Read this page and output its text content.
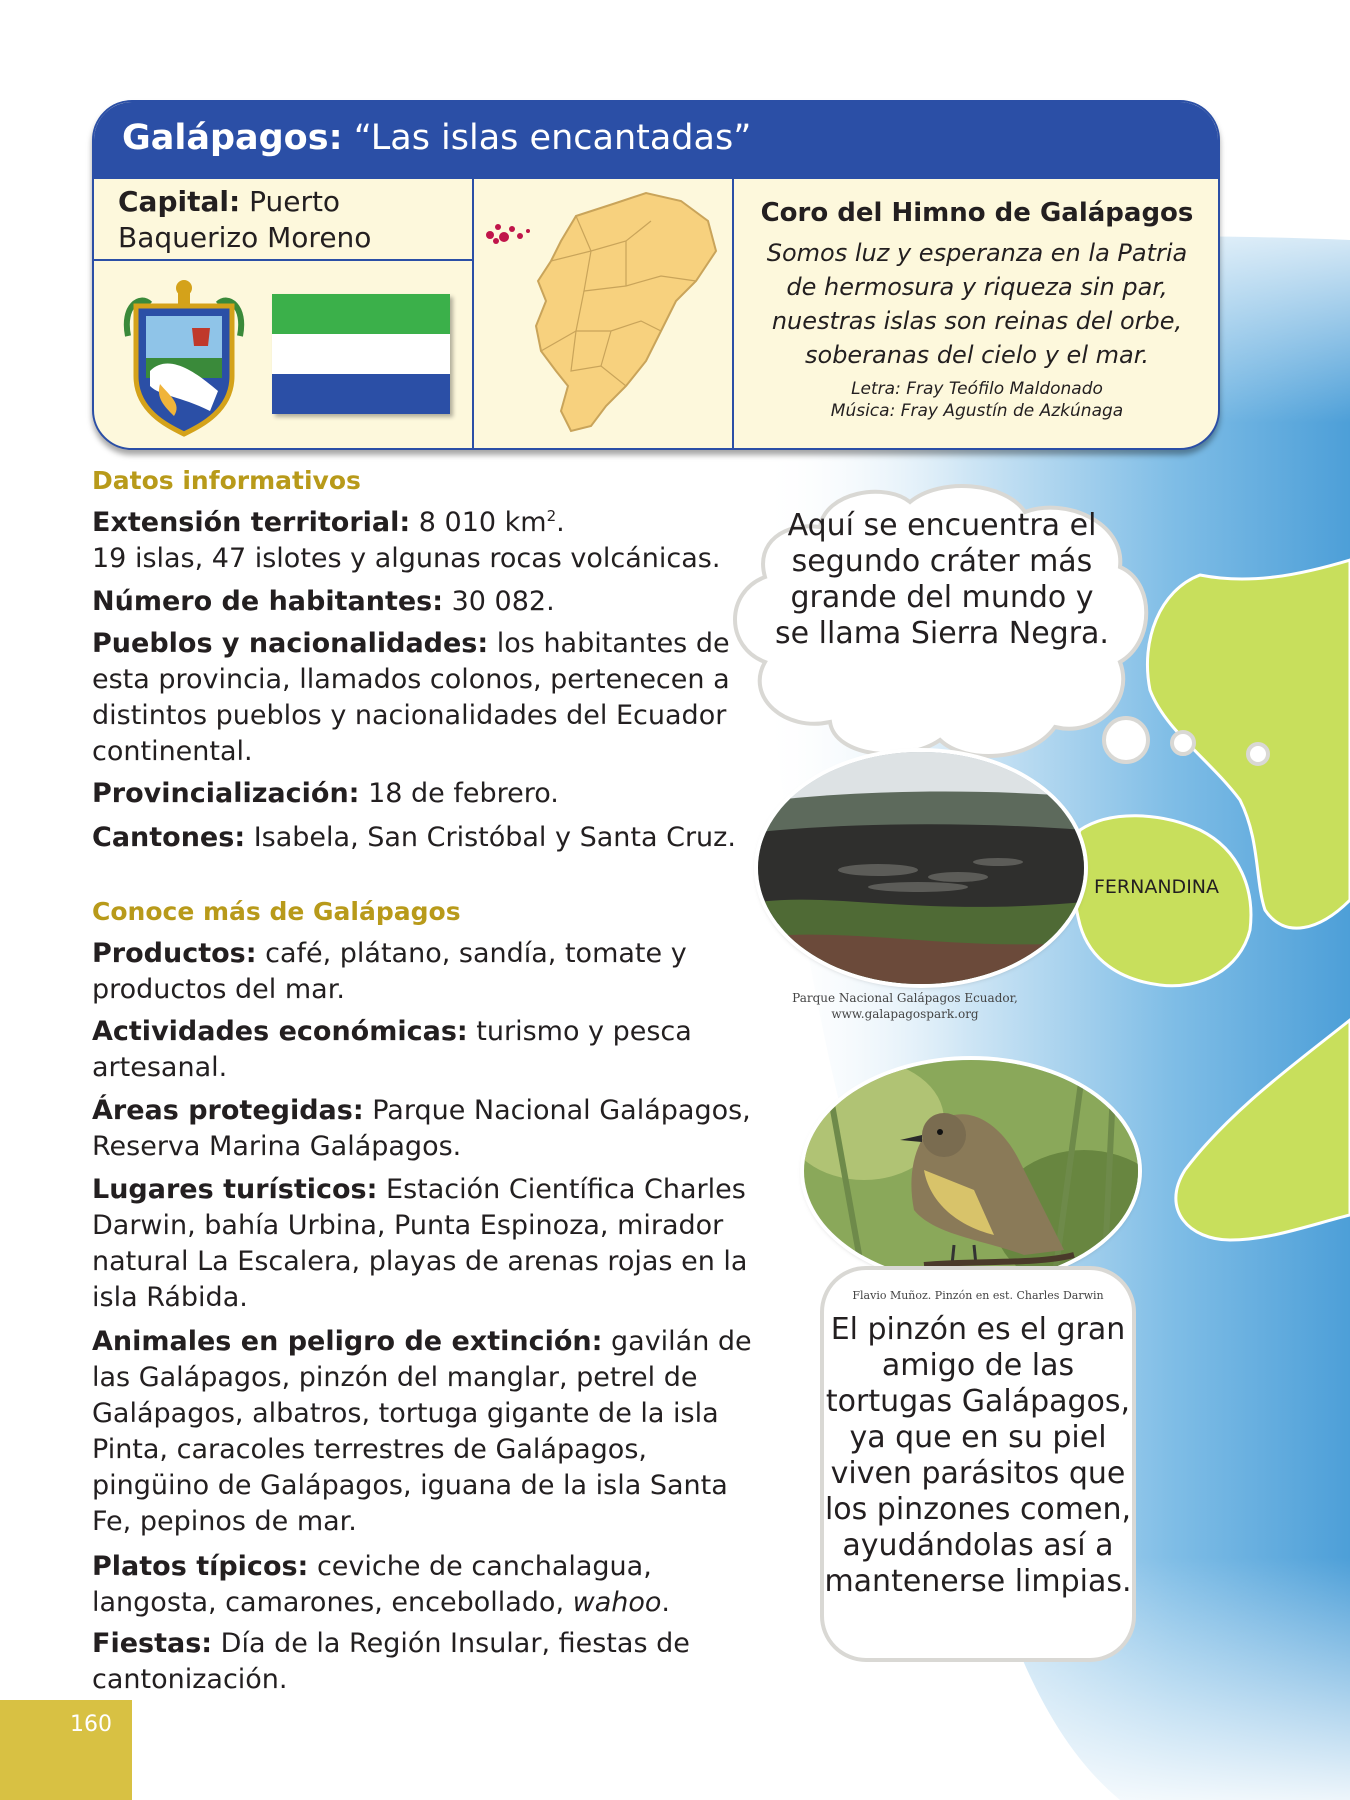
Galápagos: “Las islas encantadas”
Capital: Puerto Baquerizo Moreno
Coro del Himno de Galápagos
Somos luz y esperanza en la Patria
de hermosura y riqueza sin par,
nuestras islas son reinas del orbe,
soberanas del cielo y el mar.
Letra: Fray Teófilo Maldonado
Música: Fray Agustín de Azkúnaga
Datos informativos
Extensión territorial: 8 010 $km^2$.
19 islas, 47 islotes y algunas rocas volcánicas.
Número de habitantes: 30 082.
Pueblos y nacionalidades: los habitantes de esta provincia, llamados colonos, pertenecen a distintos pueblos y nacionalidades del Ecuador continental.
Provincialización: 18 de febrero.
Cantones: Isabela, San Cristóbal y Santa Cruz.
Conoce más de Galápagos
Productos: café, plátano, sandía, tomate y productos del mar.
Actividades económicas: turismo y pesca artesanal.
Áreas protegidas: Parque Nacional Galápagos, Reserva Marina Galápagos.
Lugares turísticos: Estación Científica Charles Darwin, bahía Urbina, Punta Espinoza, mirador natural La Escalera, playas de arenas rojas en la isla Rábida.
Animales en peligro de extinción: gavilán de las Galápagos, pinzón del manglar, petrel de Galápagos, albatros, tortuga gigante de la isla Pinta, caracoles terrestres de Galápagos, pingüino de Galápagos, iguana de la isla Santa Fe, pepinos de mar.
Platos típicos: ceviche de canchalagua, langosta, camarones, encebollado, wahoo.
Fiestas: Día de la Región Insular, fiestas de cantonización.
Aquí se encuentra el segundo cráter más grande del mundo y se llama Sierra Negra.
Parque Nacional Galápagos Ecuador,
www.galapagospark.org
FERNANDINA
Flavio Muñoz. Pinzón en est. Charles Darwin
El pinzón es el gran amigo de las tortugas Galápagos, ya que en su piel viven parásitos que los pinzones comen, ayudándolas así a mantenerse limpias.
160
